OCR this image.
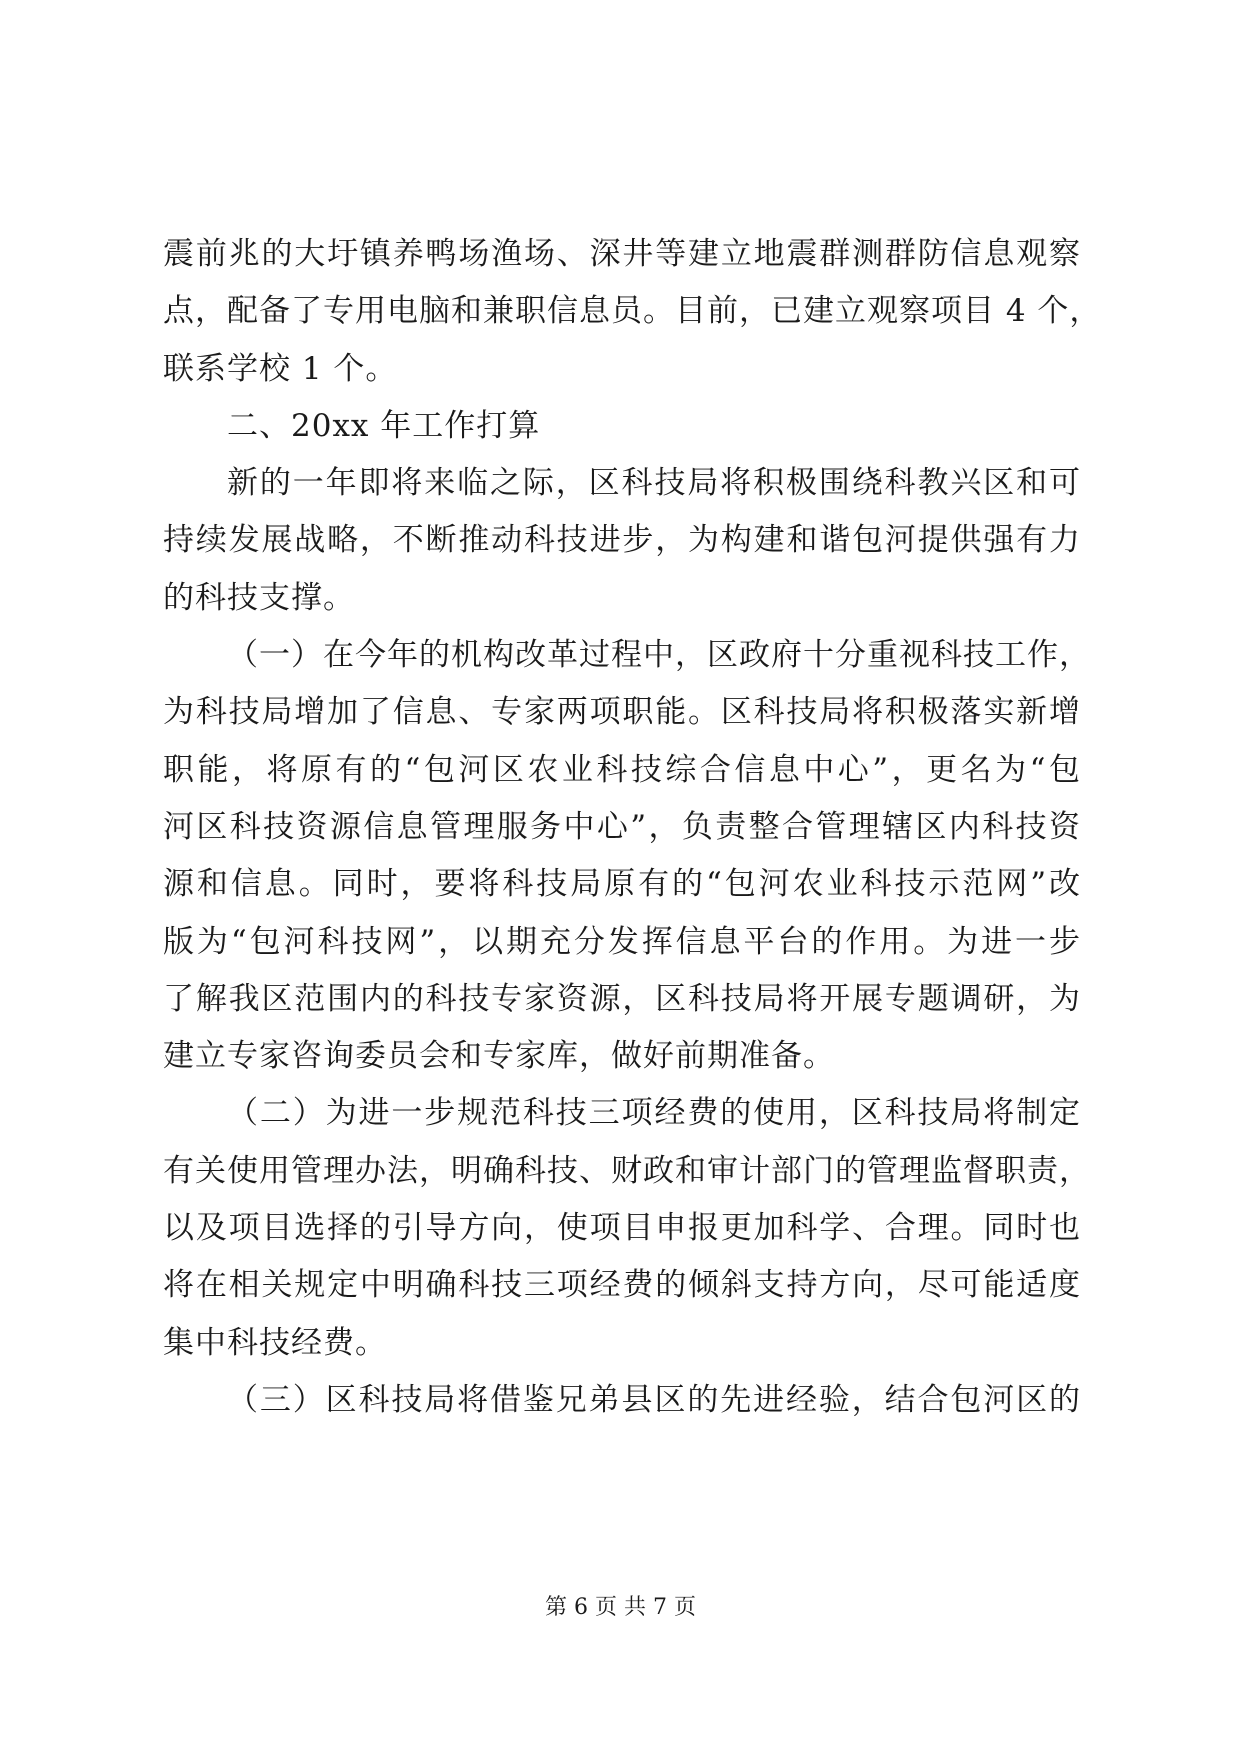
震前兆的大圩镇养鸭场渔场、深井等建立地震群测群防信息观察
点，配备了专用电脑和兼职信息员。目前，已建立观察项目 4 个，
联系学校 1 个。
二、20xx 年工作打算
新的一年即将来临之际，区科技局将积极围绕科教兴区和可
持续发展战略，不断推动科技进步，为构建和谐包河提供强有力
的科技支撑。
（一）在今年的机构改革过程中，区政府十分重视科技工作，
为科技局增加了信息、专家两项职能。区科技局将积极落实新增
职能，将原有的“包河区农业科技综合信息中心”，更名为“包
河区科技资源信息管理服务中心”，负责整合管理辖区内科技资
源和信息。同时，要将科技局原有的“包河农业科技示范网”改
版为“包河科技网”，以期充分发挥信息平台的作用。为进一步
了解我区范围内的科技专家资源，区科技局将开展专题调研，为
建立专家咨询委员会和专家库，做好前期准备。
（二）为进一步规范科技三项经费的使用，区科技局将制定
有关使用管理办法，明确科技、财政和审计部门的管理监督职责，
以及项目选择的引导方向，使项目申报更加科学、合理。同时也
将在相关规定中明确科技三项经费的倾斜支持方向，尽可能适度
集中科技经费。
（三）区科技局将借鉴兄弟县区的先进经验，结合包河区的
第 6 页 共 7 页
